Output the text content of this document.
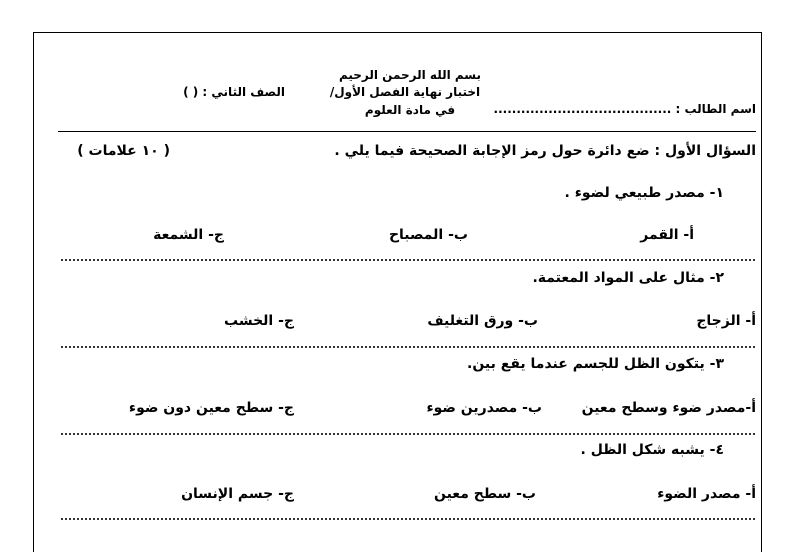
بسم الله الرحمن الرحيم
اختبار نهاية الفصل الأول/
في مادة العلوم
الصف الثاني : ( )
اسم الطالب : .......................................
السؤال الأول : ضع دائرة حول رمز الإجابة الصحيحة فيما يلي .
( ١٠ علامات )
١- مصدر طبيعي لضوء .
أ- القمر
ب- المصباح
ج- الشمعة
٢- مثال على المواد المعتمة.
أ- الزجاج
ب- ورق التغليف
ج- الخشب
٣- يتكون الظل للجسم عندما يقع بين.
أ-مصدر ضوء وسطح معين
ب- مصدرين ضوء
ج- سطح معين دون ضوء
٤- يشبه شكل الظل .
أ- مصدر الضوء
ب- سطح معين
ج- جسم الإنسان
